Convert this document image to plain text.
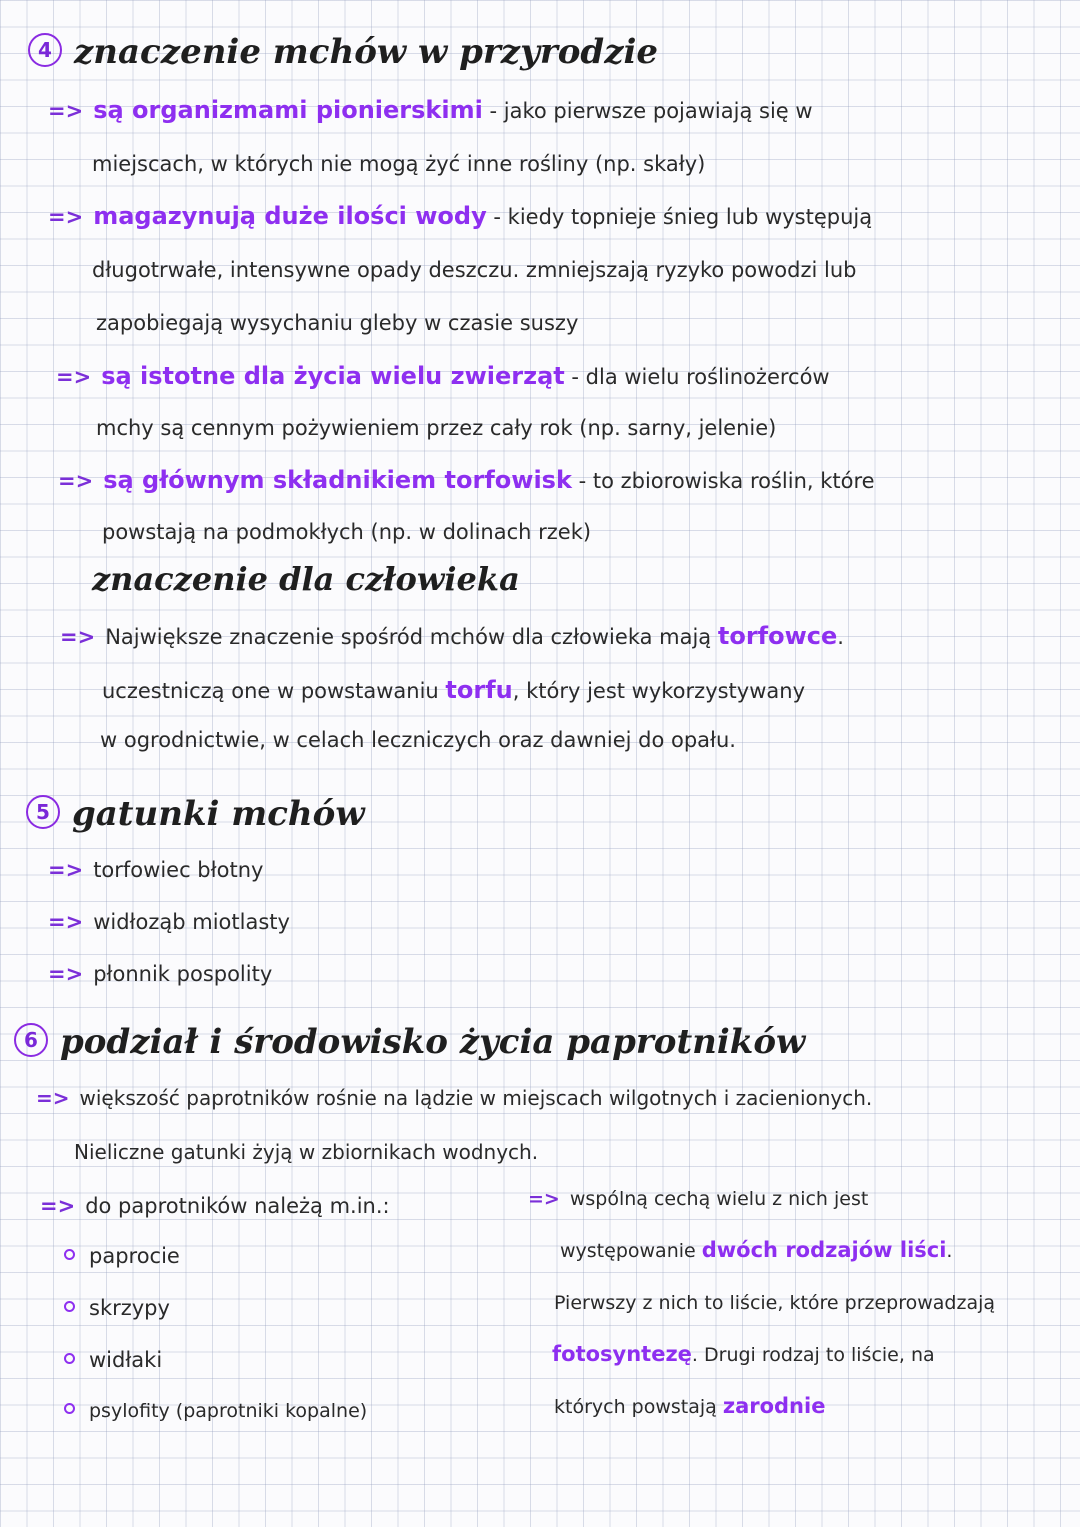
4 znaczenie mchów w przyrodzie
=> są organizmami pionierskimi - jako pierwsze pojawiają się w
miejscach, w których nie mogą żyć inne rośliny (np. skały)
=> magazynują duże ilości wody - kiedy topnieje śnieg lub występują
długotrwałe, intensywne opady deszczu. zmniejszają ryzyko powodzi lub
zapobiegają wysychaniu gleby w czasie suszy
=> są istotne dla życia wielu zwierząt - dla wielu roślinożerców
mchy są cennym pożywieniem przez cały rok (np. sarny, jelenie)
=> są głównym składnikiem torfowisk - to zbiorowiska roślin, które
powstają na podmokłych (np. w dolinach rzek)
znaczenie dla człowieka
=> Największe znaczenie spośród mchów dla człowieka mają torfowce.
uczestniczą one w powstawaniu torfu, który jest wykorzystywany
w ogrodnictwie, w celach leczniczych oraz dawniej do opału.
5 gatunki mchów
=> torfowiec błotny
=> widłoząb miotlasty
=> płonnik pospolity
6 podział i środowisko życia paprotników
=> większość paprotników rośnie na lądzie w miejscach wilgotnych i zacienionych.
Nieliczne gatunki żyją w zbiornikach wodnych.
=> do paprotników należą m.in.:
paprocie
skrzypy
widłaki
psylofity (paprotniki kopalne)
=> wspólną cechą wielu z nich jest
występowanie dwóch rodzajów liści.
Pierwszy z nich to liście, które przeprowadzają
fotosyntezę. Drugi rodzaj to liście, na
których powstają zarodnie
